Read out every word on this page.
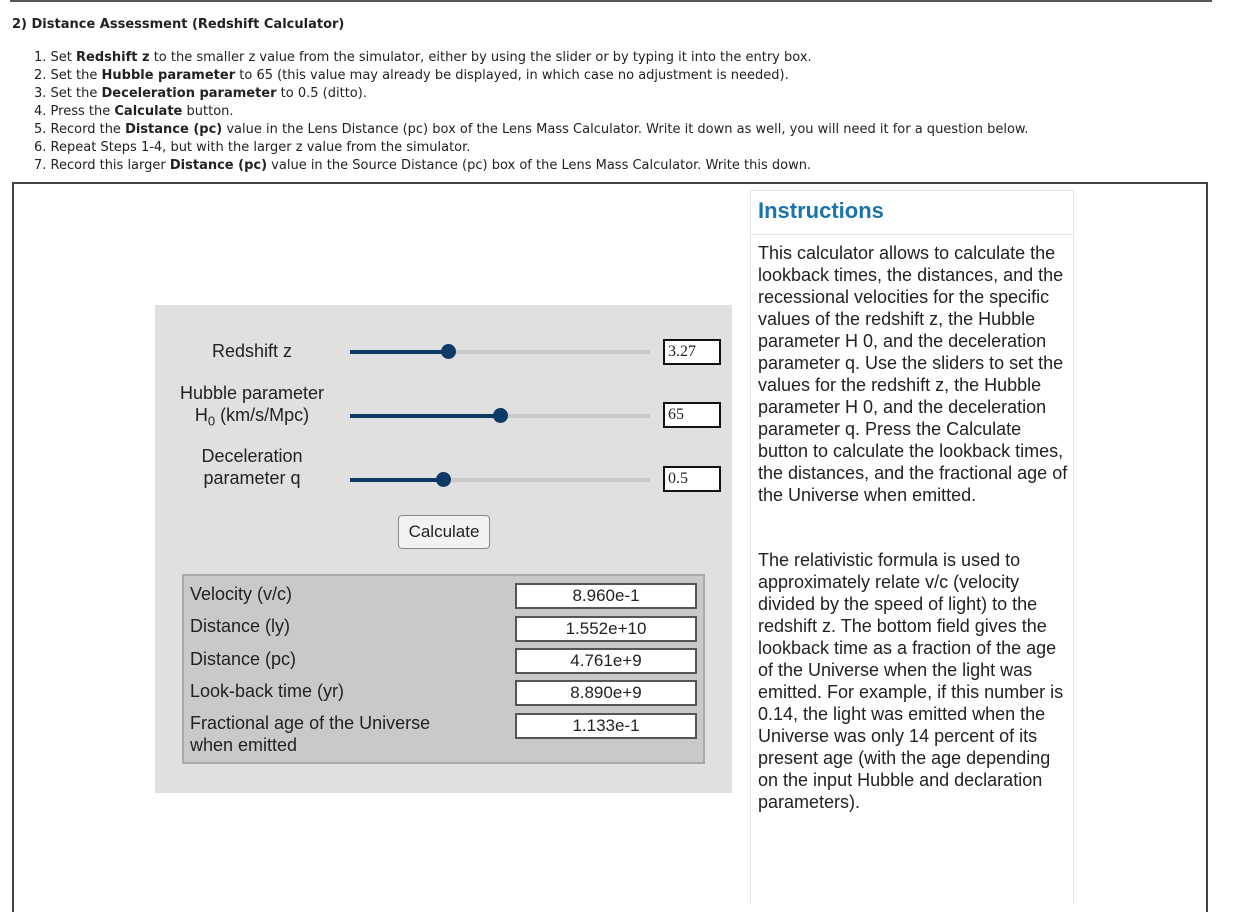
2) Distance Assessment (Redshift Calculator)
1. Set Redshift z to the smaller z value from the simulator, either by using the slider or by typing it into the entry box.
2. Set the Hubble parameter to 65 (this value may already be displayed, in which case no adjustment is needed).
3. Set the Deceleration parameter to 0.5 (ditto).
4. Press the Calculate button.
5. Record the Distance (pc) value in the Lens Distance (pc) box of the Lens Mass Calculator. Write it down as well, you will need it for a question below.
6. Repeat Steps 1-4, but with the larger z value from the simulator.
7. Record this larger Distance (pc) value in the Source Distance (pc) box of the Lens Mass Calculator. Write this down.
Redshift z	3.27
Hubble parameter
$H_0$ (km/s/Mpc)	65
Deceleration
parameter q	0.5
Calculate
Velocity (v/c)	8.960e-1
Distance (ly)	1.552e+10
Distance (pc)	4.761e+9
Look-back time (yr)	8.890e+9
Fractional age of the Universe
when emitted
1.133e-1
Instructions

This calculator allows to calculate the lookback times, the distances, and the recessional velocities for the specific values of the redshift z, the Hubble parameter H 0, and the deceleration parameter q. Use the sliders to set the values for the redshift z, the Hubble parameter H 0, and the deceleration parameter q. Press the Calculate button to calculate the lookback times, the distances, and the fractional age of the Universe when emitted.

The relativistic formula is used to approximately relate v/c (velocity divided by the speed of light) to the redshift z. The bottom field gives the lookback time as a fraction of the age of the Universe when the light was emitted. For example, if this number is 0.14, the light was emitted when the Universe was only 14 percent of its present age (with the age depending on the input Hubble and declaration parameters).
